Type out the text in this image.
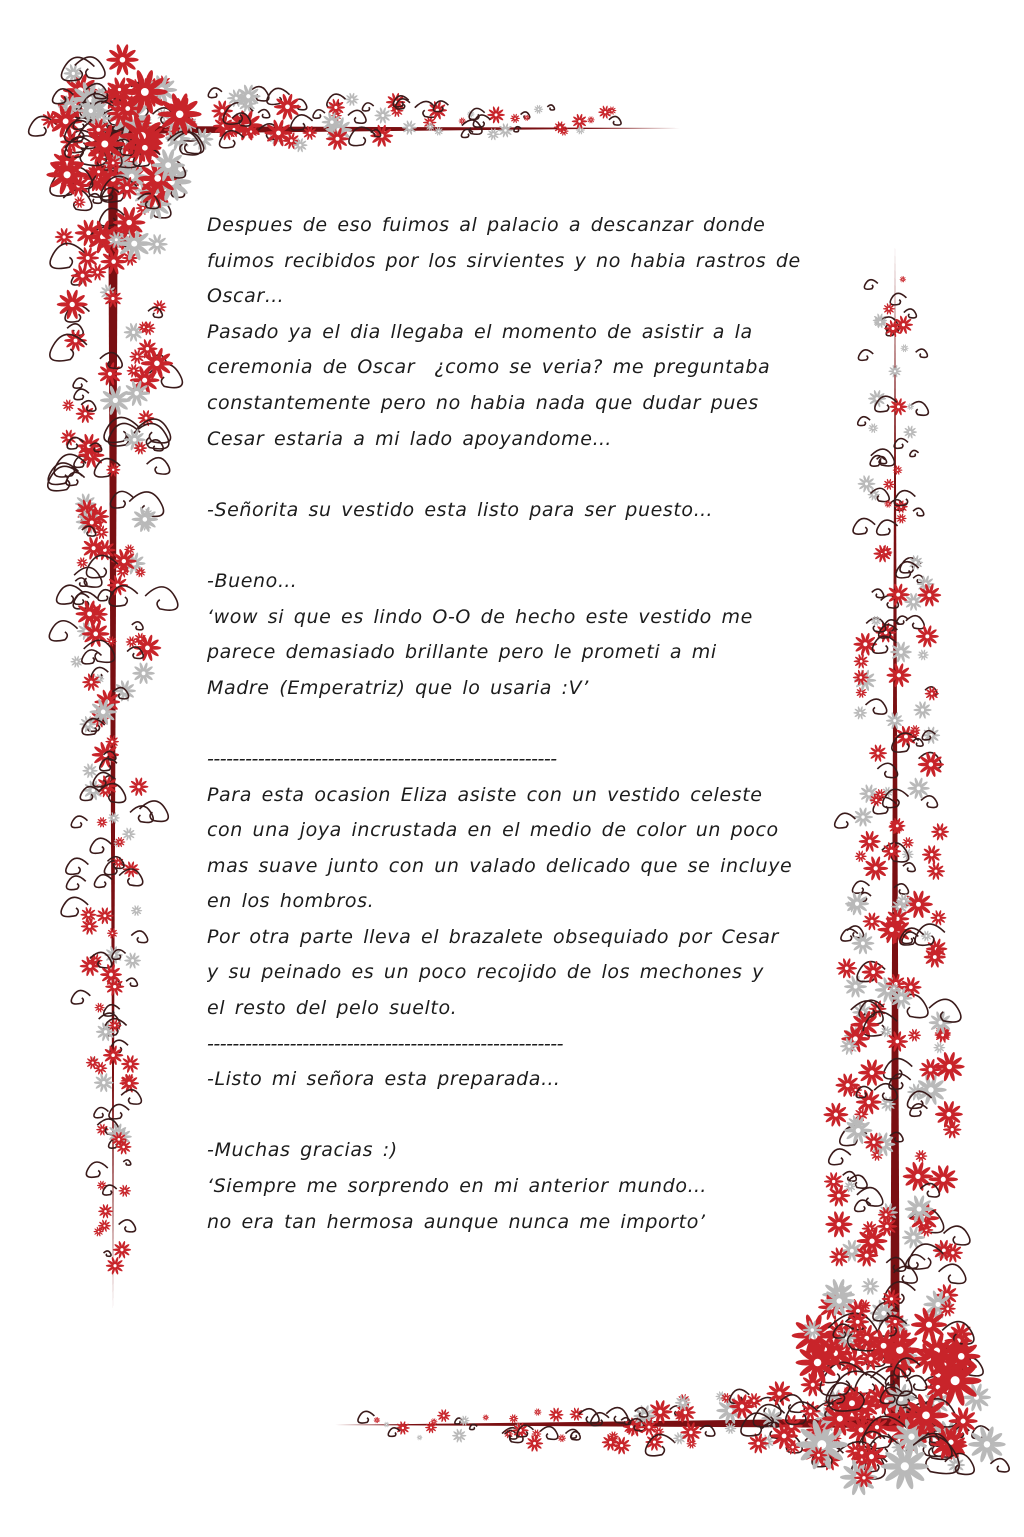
Despues de eso fuimos al palacio a descanzar donde
fuimos recibidos por los sirvientes y no habia rastros de
Oscar…
Pasado ya el dia llegaba el momento de asistir a la
ceremonia de Oscar  ¿como se veria? me preguntaba
constantemente pero no habia nada que dudar pues
Cesar estaria a mi lado apoyandome…
-Señorita su vestido esta listo para ser puesto…
-Bueno…
‘wow si que es lindo O-O de hecho este vestido me
parece demasiado brillante pero le prometi a mi
Madre (Emperatriz) que lo usaria :V’
-------------------------------------------------------
Para esta ocasion Eliza asiste con un vestido celeste
con una joya incrustada en el medio de color un poco
mas suave junto con un valado delicado que se incluye
en los hombros.
Por otra parte lleva el brazalete obsequiado por Cesar
y su peinado es un poco recojido de los mechones y
el resto del pelo suelto.
--------------------------------------------------------
-Listo mi señora esta preparada…
-Muchas gracias :)
‘Siempre me sorprendo en mi anterior mundo…
no era tan hermosa aunque nunca me importo’
